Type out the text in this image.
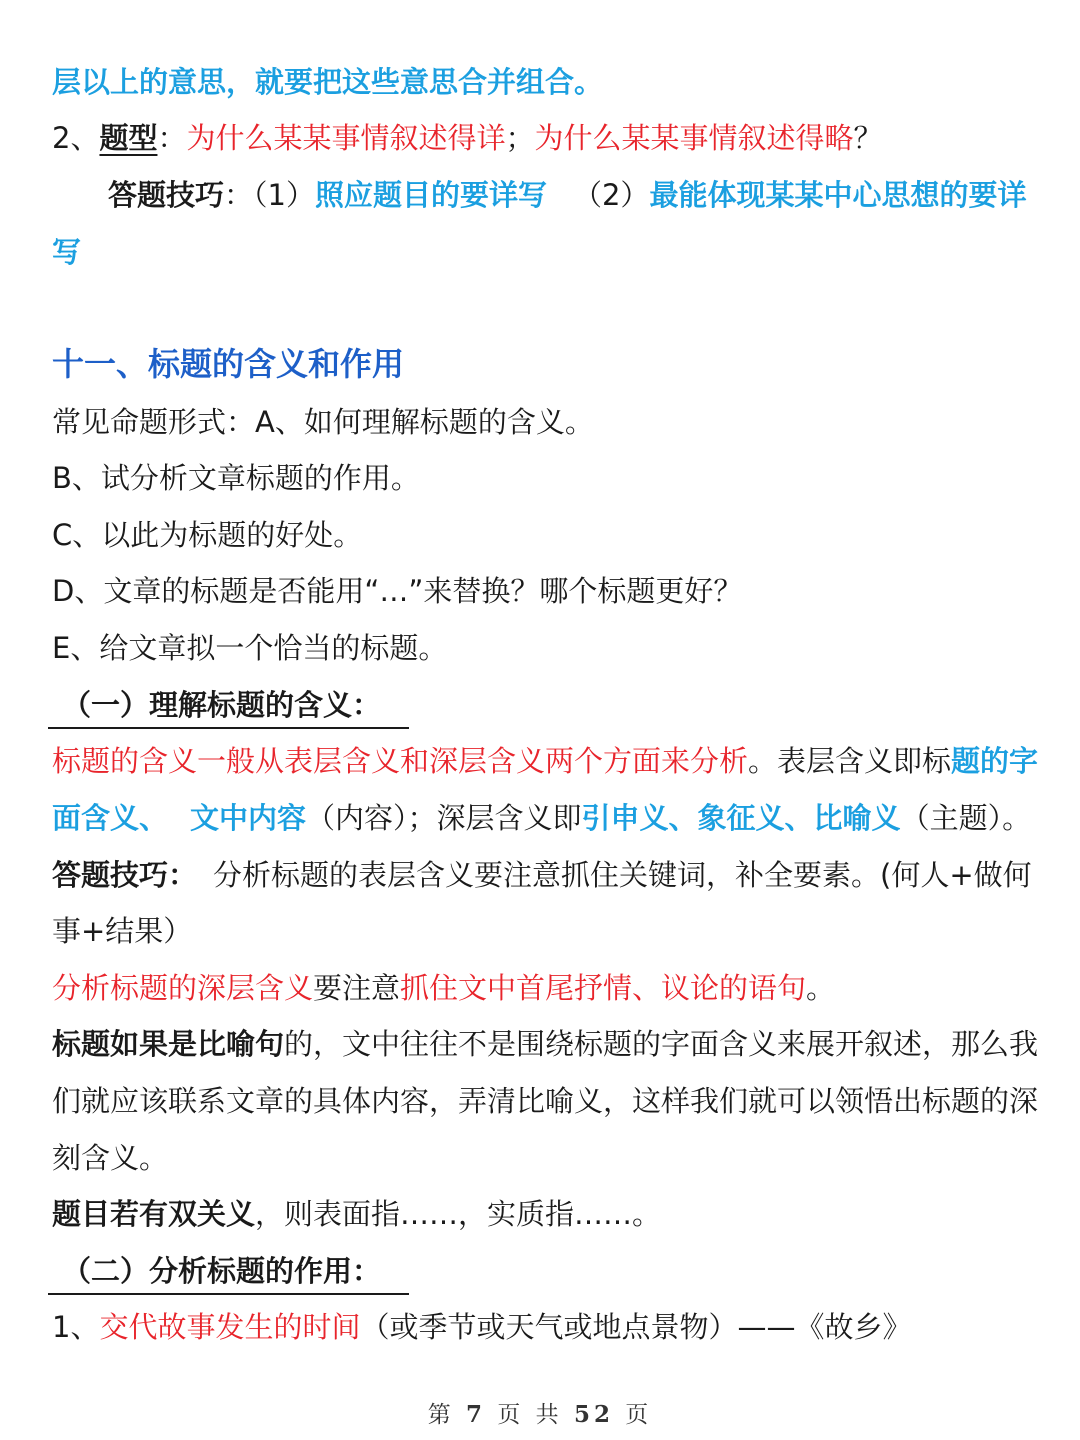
层以上的意思，就要把这些意思合并组合。
2、题型：为什么某某事情叙述得详；为什么某某事情叙述得略？
答题技巧：（1）照应题目的要详写 （2）最能体现某某中心思想的要详
写
十一、标题的含义和作用
常见命题形式：A、如何理解标题的含义。
B、试分析文章标题的作用。
C、以此为标题的好处。
D、文章的标题是否能用“…”来替换？哪个标题更好？
E、给文章拟一个恰当的标题。
（一）理解标题的含义：
标题的含义一般从表层含义和深层含义两个方面来分析。表层含义即标题的字
面含义、 文中内容（内容）；深层含义即引申义、象征义、比喻义（主题）。
答题技巧： 分析标题的表层含义要注意抓住关键词，补全要素。(何人+做何
事+结果）
分析标题的深层含义要注意抓住文中首尾抒情、议论的语句。
标题如果是比喻句的，文中往往不是围绕标题的字面含义来展开叙述，那么我
们就应该联系文章的具体内容，弄清比喻义，这样我们就可以领悟出标题的深
刻含义。
题目若有双关义，则表面指……，实质指……。
（二）分析标题的作用：
1、交代故事发生的时间（或季节或天气或地点景物）——《故乡》
第 7 页 共 52 页
